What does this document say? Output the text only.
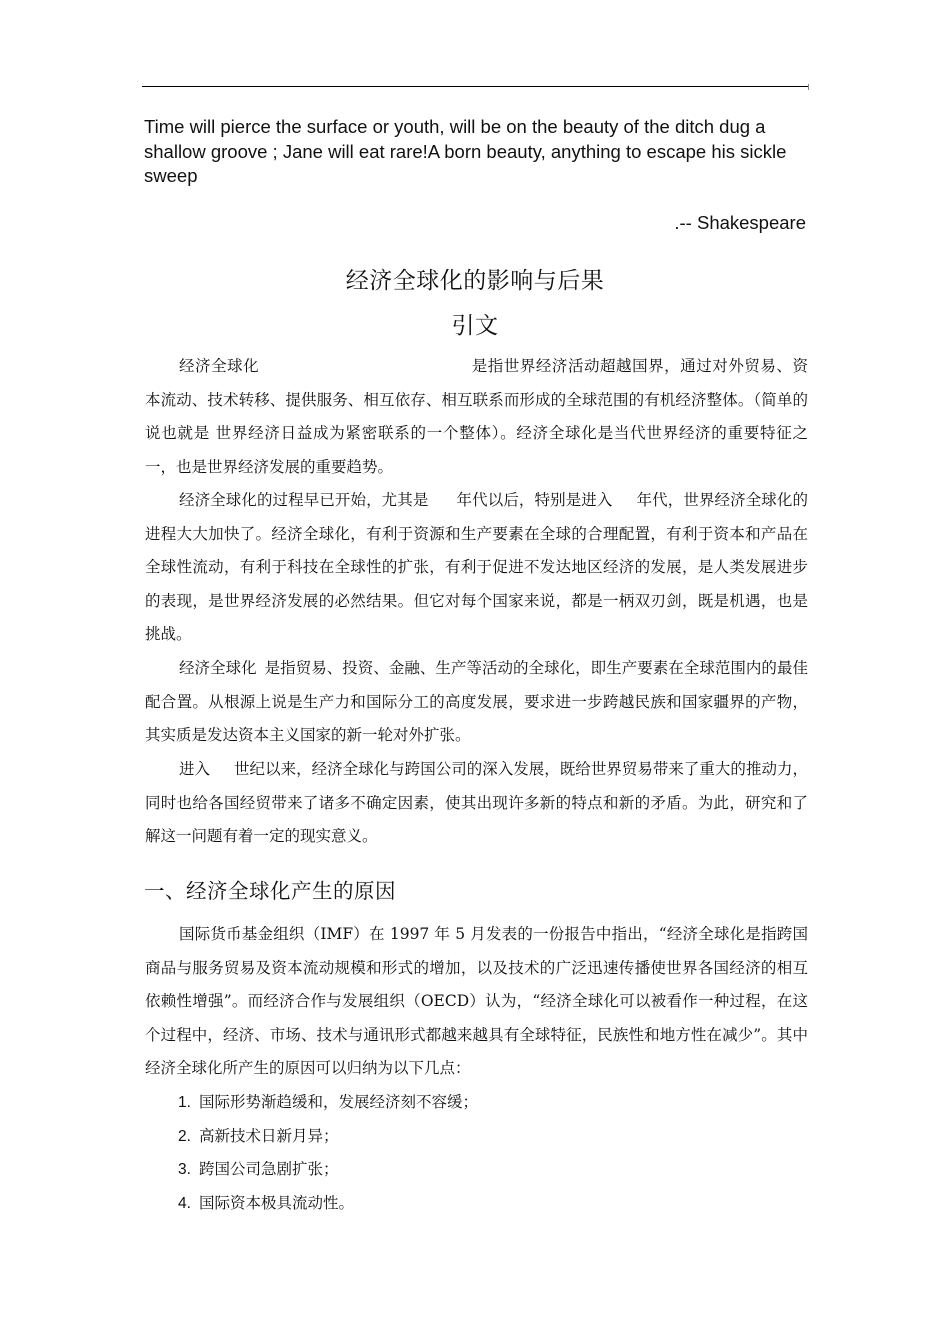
Time will pierce the surface or youth, will be on the beauty of the ditch dug a shallow groove ; Jane will eat rare!A born beauty, anything to escape his sickle sweep
.-- Shakespeare
经济全球化的影响与后果
引文
经济全球化	是指世界经济活动超越国界，通过对外贸易、资本流动、技术转移、提供服务、相互依存、相互联系而形成的全球范围的有机经济整体。（简单的说也就是 世界经济日益成为紧密联系的一个整体）。经济全球化是当代世界经济的重要特征之一，也是世界经济发展的重要趋势。
经济全球化的过程早已开始，尤其是 年代以后，特别是进入 年代，世界经济全球化的进程大大加快了。经济全球化，有利于资源和生产要素在全球的合理配置，有利于资本和产品在全球性流动，有利于科技在全球性的扩张，有利于促进不发达地区经济的发展，是人类发展进步的表现，是世界经济发展的必然结果。但它对每个国家来说，都是一柄双刃剑，既是机遇，也是挑战。
经济全球化 是指贸易、投资、金融、生产等活动的全球化，即生产要素在全球范围内的最佳配合置。从根源上说是生产力和国际分工的高度发展，要求进一步跨越民族和国家疆界的产物，其实质是发达资本主义国家的新一轮对外扩张。
进入 世纪以来，经济全球化与跨国公司的深入发展，既给世界贸易带来了重大的推动力，同时也给各国经贸带来了诸多不确定因素，使其出现许多新的特点和新的矛盾。为此，研究和了解这一问题有着一定的现实意义。
一、经济全球化产生的原因
国际货币基金组织（IMF）在 1997 年 5 月发表的一份报告中指出，“经济全球化是指跨国商品与服务贸易及资本流动规模和形式的增加，以及技术的广泛迅速传播使世界各国经济的相互依赖性增强”。而经济合作与发展组织（OECD）认为，“经济全球化可以被看作一种过程，在这个过程中，经济、市场、技术与通讯形式都越来越具有全球特征，民族性和地方性在减少”。其中经济全球化所产生的原因可以归纳为以下几点：
1. 国际形势渐趋缓和，发展经济刻不容缓；
2. 高新技术日新月异；
3. 跨国公司急剧扩张；
4. 国际资本极具流动性。
